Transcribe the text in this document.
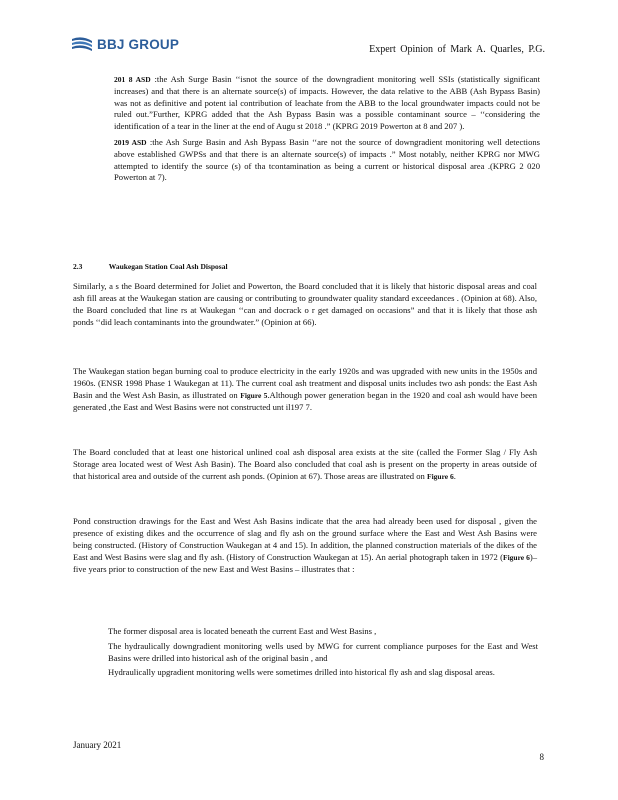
BBJ GROUP	Expert Opinion of Mark A. Quarles, P.G.
201 8 ASD :the Ash Surge Basin ‘‘isnot the source of the downgradient monitoring well SSIs (statistically significant increases) and that there is an alternate source(s) of impacts. However, the data relative to the ABB (Ash Bypass Basin) was not as definitive and potent ial contribution of leachate from the ABB to the local groundwater impacts could not be ruled out.”Further, KPRG added that the Ash Bypass Basin was a possible contaminant source – ‘‘considering the identification of a tear in the liner at the end of Augu st 2018 .” (KPRG 2019 Powerton at 8 and 207 ).
2019 ASD :the Ash Surge Basin and Ash Bypass Basin ‘‘are not the source of downgradient monitoring well detections above established GWPSs and that there is an alternate source(s) of impacts .” Most notably, neither KPRG nor MWG attempted to identify the source (s) of tha tcontamination as being a current or historical disposal area .(KPRG 2 020 Powerton at 7).
2.3	Waukegan Station Coal Ash Disposal

Similarly, a s the Board determined for Joliet and Powerton, the Board concluded that it is likely that historic disposal areas and coal ash fill areas at the Waukegan station are causing or contributing to groundwater quality standard exceedances . (Opinion at 68). Also, the Board concluded that line rs at Waukegan ‘‘can and docrack o r get damaged on occasions” and that it is likely that those ash ponds ‘‘did leach contaminants into the groundwater.” (Opinion at 66).

The Waukegan station began burning coal to produce electricity in the early 1920s and was upgraded with new units in the 1950s and 1960s. (ENSR 1998 Phase 1 Waukegan at 11). The current coal ash treatment and disposal units includes two ash ponds: the East Ash Basin and the West Ash Basin, as illustrated on Figure 5.Although power generation began in the 1920 and coal ash would have been generated ,the East and West Basins were not constructed unt il197 7.

The Board concluded that at least one historical unlined coal ash disposal area exists at the site (called the Former Slag / Fly Ash Storage area located west of West Ash Basin). The Board also concluded that coal ash is present on the property in areas outside of that historical area and outside of the current ash ponds. (Opinion at 67). Those areas are illustrated on Figure 6.

Pond construction drawings for the East and West Ash Basins indicate that the area had already been used for disposal , given the presence of existing dikes and the occurrence of slag and fly ash on the ground surface where the East and West Ash Basins were being constructed. (History of Construction Waukegan at 4 and 15). In addition, the planned construction materials of the dikes of the East and West Basins were slag and fly ash. (History of Construction Waukegan at 15). An aerial photograph taken in 1972 (Figure 6)– five years prior to construction of the new East and West Basins – illustrates that :

The former disposal area is located beneath the current East and West Basins ,
The hydraulically downgradient monitoring wells used by MWG for current compliance purposes for the East and West Basins were drilled into historical ash of the original basin , and
Hydraulically upgradient monitoring wells were sometimes drilled into historical fly ash and slag disposal areas.
January 2021
8
